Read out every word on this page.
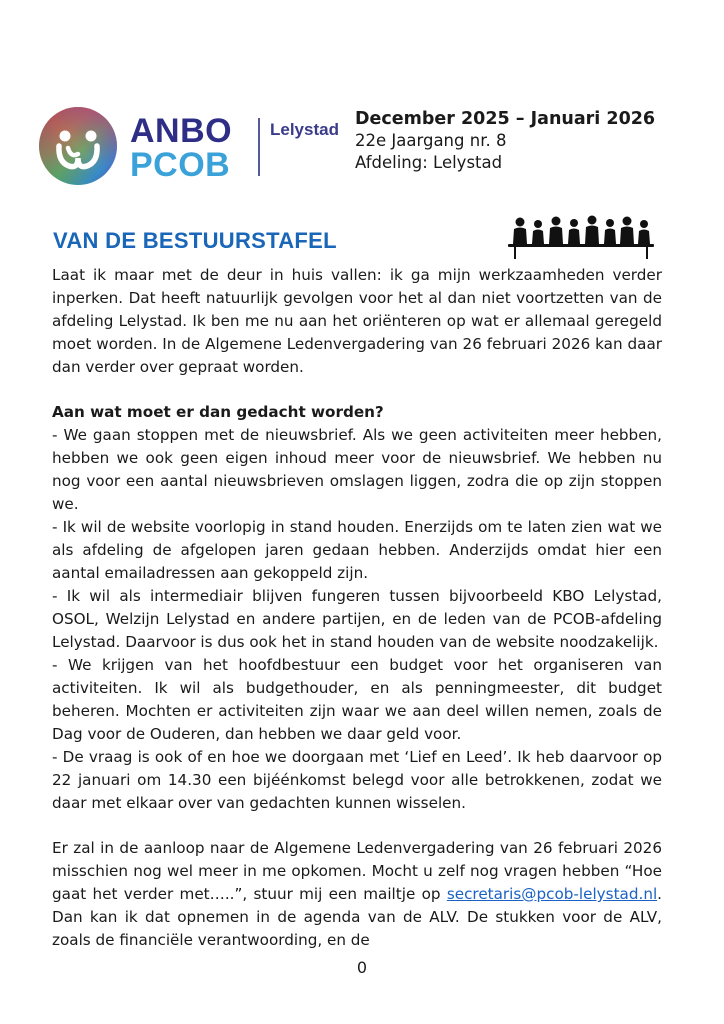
ANBO
PCOB
Lelystad
December 2025 – Januari 2026
22e Jaargang nr. 8
Afdeling: Lelystad
VAN DE BESTUURSTAFEL

Laat ik maar met de deur in huis vallen: ik ga mijn werkzaamheden verder inperken. Dat heeft natuurlijk gevolgen voor het al dan niet voortzetten van de afdeling Lelystad. Ik ben me nu aan het oriënteren op wat er allemaal geregeld moet worden. In de Algemene Ledenvergadering van 26 februari 2026 kan daar dan verder over gepraat worden.

Aan wat moet er dan gedacht worden?

- We gaan stoppen met de nieuwsbrief. Als we geen activiteiten meer hebben, hebben we ook geen eigen inhoud meer voor de nieuwsbrief. We hebben nu nog voor een aantal nieuwsbrieven omslagen liggen, zodra die op zijn stoppen we.

- Ik wil de website voorlopig in stand houden. Enerzijds om te laten zien wat we als afdeling de afgelopen jaren gedaan hebben. Anderzijds omdat hier een aantal emailadressen aan gekoppeld zijn.

- Ik wil als intermediair blijven fungeren tussen bijvoorbeeld KBO Lelystad, OSOL, Welzijn Lelystad en andere partijen, en de leden van de PCOB-afdeling Lelystad. Daarvoor is dus ook het in stand houden van de website noodzakelijk.

- We krijgen van het hoofdbestuur een budget voor het organiseren van activiteiten. Ik wil als budgethouder, en als penningmeester, dit budget beheren. Mochten er activiteiten zijn waar we aan deel willen nemen, zoals de Dag voor de Ouderen, dan hebben we daar geld voor.

- De vraag is ook of en hoe we doorgaan met ‘Lief en Leed’. Ik heb daarvoor op 22 januari om 14.30 een bijéénkomst belegd voor alle betrokkenen, zodat we daar met elkaar over van gedachten kunnen wisselen.

Er zal in de aanloop naar de Algemene Ledenvergadering van 26 februari 2026 misschien nog wel meer in me opkomen. Mocht u zelf nog vragen hebben “Hoe gaat het verder met…..”, stuur mij een mailtje op secretaris@pcob-lelystad.nl. Dan kan ik dat opnemen in de agenda van de ALV. De stukken voor de ALV, zoals de financiële verantwoording, en de

0
